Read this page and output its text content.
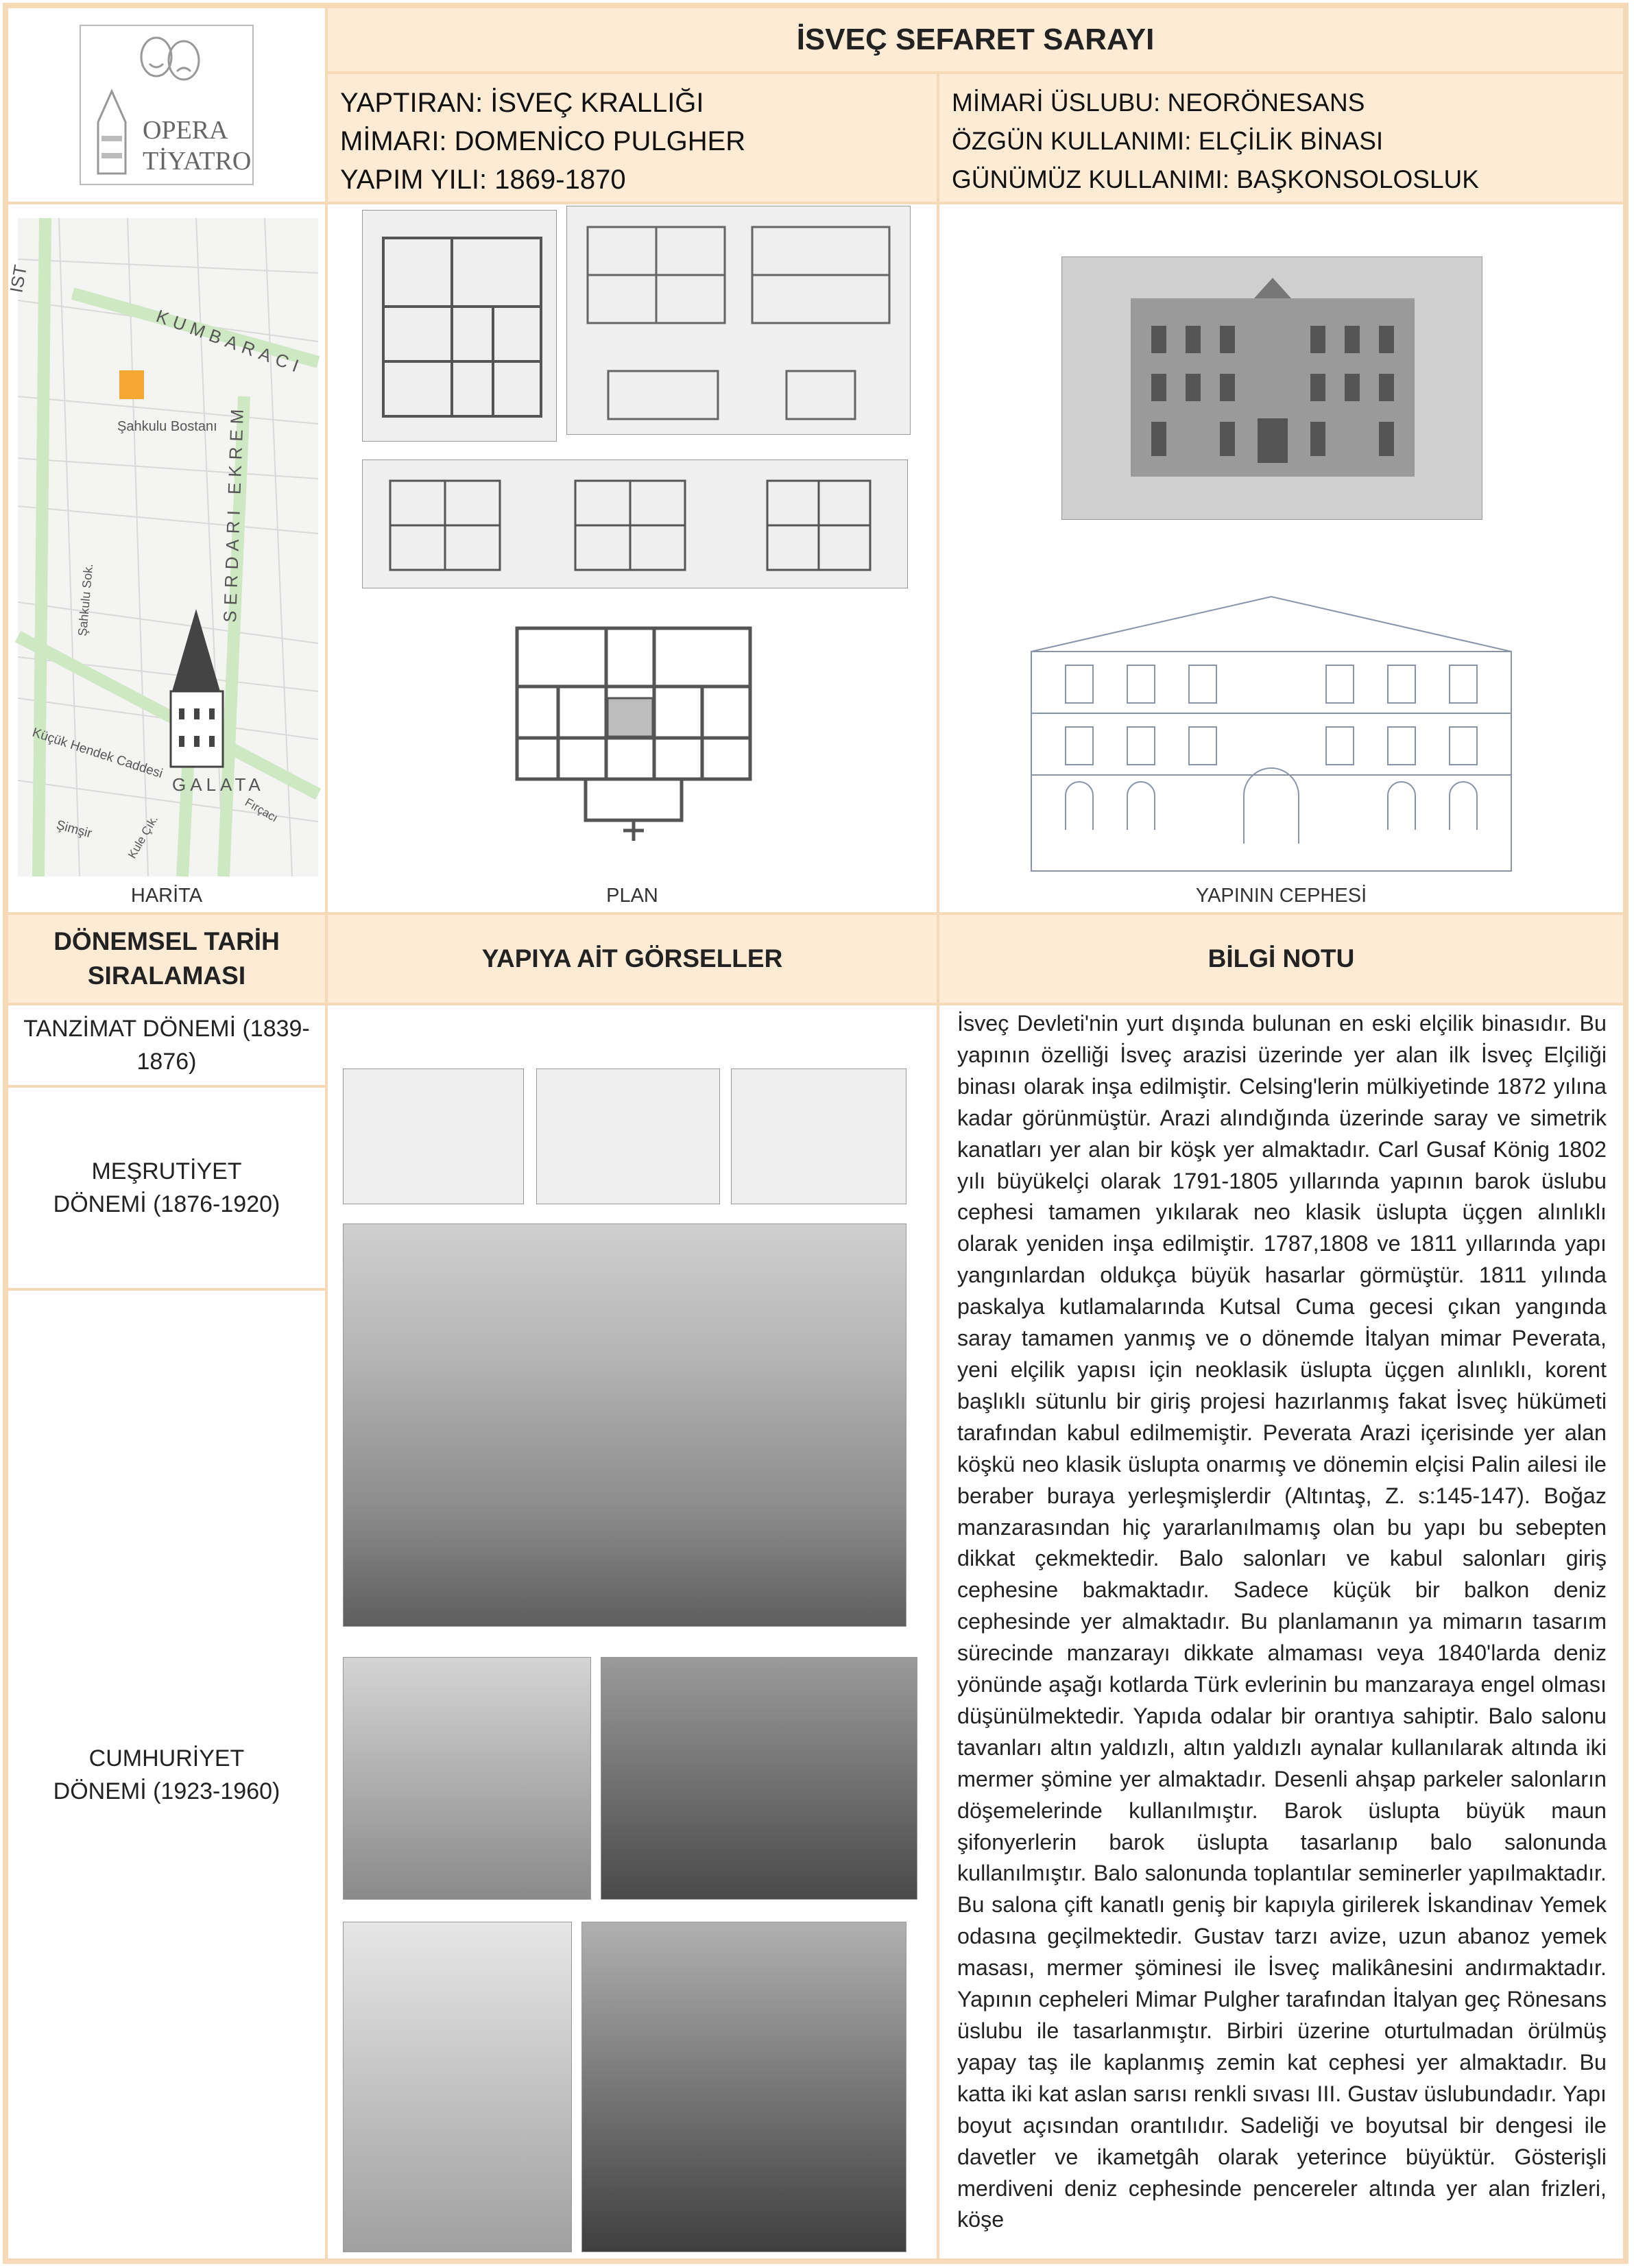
OPERA
TİYATRO
İSVEÇ SEFARET SARAYI
YAPTIRAN: İSVEÇ KRALLIĞI
MİMARI: DOMENİCO PULGHER
YAPIM YILI: 1869-1870
MİMARİ ÜSLUBU: NEORÖNESANS
ÖZGÜN KULLANIMI: ELÇİLİK BİNASI
GÜNÜMÜZ KULLANIMI: BAŞKONSOLOSLUK
IST
KUMBARACI
Şahkulu Bostanı SERDARI EKREM
Şahkulu Sok.
Küçük Hendek Caddesi
GALATA
Şimşir
Fırçacı
Kule Çık.
HARİTA	PLAN	YAPININ CEPHESİ
DÖNEMSEL TARİH SIRALAMASI
YAPIYA AİT GÖRSELLER	BİLGİ NOTU
TANZİMAT DÖNEMİ (1839-1876)
MEŞRUTİYET DÖNEMİ (1876-1920)
CUMHURİYET DÖNEMİ (1923-1960)
İsveç Devleti'nin yurt dışında bulunan en eski elçilik binasıdır. Bu yapının özelliği İsveç arazisi üzerinde yer alan ilk İsveç Elçiliği binası olarak inşa edilmiştir. Celsing'lerin mülkiyetinde 1872 yılına kadar görünmüştür. Arazi alındığında üzerinde saray ve simetrik kanatları yer alan bir köşk yer almaktadır. Carl Gusaf König 1802 yılı büyükelçi olarak 1791-1805 yıllarında yapının barok üslubu cephesi tamamen yıkılarak neo klasik üslupta üçgen alınlıklı olarak yeniden inşa edilmiştir. 1787,1808 ve 1811 yıllarında yapı yangınlardan oldukça büyük hasarlar görmüştür. 1811 yılında paskalya kutlamalarında Kutsal Cuma gecesi çıkan yangında saray tamamen yanmış ve o dönemde İtalyan mimar Peverata, yeni elçilik yapısı için neoklasik üslupta üçgen alınlıklı, korent başlıklı sütunlu bir giriş projesi hazırlanmış fakat İsveç hükümeti tarafından kabul edilmemiştir. Peverata Arazi içerisinde yer alan köşkü neo klasik üslupta onarmış ve dönemin elçisi Palin ailesi ile beraber buraya yerleşmişlerdir (Altıntaş, Z. s:145-147). Boğaz manzarasından hiç yararlanılmamış olan bu yapı bu sebepten dikkat çekmektedir. Balo salonları ve kabul salonları giriş cephesine bakmaktadır. Sadece küçük bir balkon deniz cephesinde yer almaktadır. Bu planlamanın ya mimarın tasarım sürecinde manzarayı dikkate almaması veya 1840'larda deniz yönünde aşağı kotlarda Türk evlerinin bu manzaraya engel olması düşünülmektedir. Yapıda odalar bir orantıya sahiptir. Balo salonu tavanları altın yaldızlı, altın yaldızlı aynalar kullanılarak altında iki mermer şömine yer almaktadır. Desenli ahşap parkeler salonların döşemelerinde kullanılmıştır. Barok üslupta büyük maun şifonyerlerin barok üslupta tasarlanıp balo salonunda kullanılmıştır. Balo salonunda toplantılar seminerler yapılmaktadır. Bu salona çift kanatlı geniş bir kapıyla girilerek İskandinav Yemek odasına geçilmektedir. Gustav tarzı avize, uzun abanoz yemek masası, mermer şöminesi ile İsveç malikânesini andırmaktadır. Yapının cepheleri Mimar Pulgher tarafından İtalyan geç Rönesans üslubu ile tasarlanmıştır. Birbiri üzerine oturtulmadan örülmüş yapay taş ile kaplanmış zemin kat cephesi yer almaktadır. Bu katta iki kat aslan sarısı renkli sıvası III. Gustav üslubundadır. Yapı boyut açısından orantılıdır. Sadeliği ve boyutsal bir dengesi ile davetler ve ikametgâh olarak yeterince büyüktür. Gösterişli merdiveni deniz cephesinde pencereler altında yer alan frizleri, köşe
